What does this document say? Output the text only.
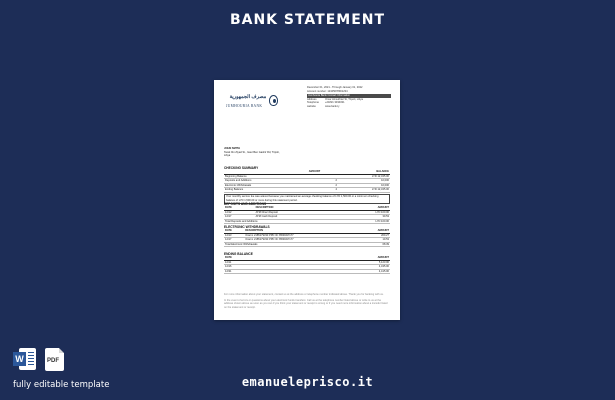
BANK STATEMENT
مصرف الجمهورية
JUMHOURIA BANK
December 01, 2021 - Through January 01, 2022
Account number: 12345678901234
Jumhouria Bank Contact Information
Address	Omar Almukhtar St, Tripoli, Libya
Telephone	+21821 3334031
website	www.bank.ly
JOHN SMITH
Tarek Ibn Ziyad St., Gasr Ben Gashir Rd, Tripoli,
Libya
CHECKING SUMMARY
	AMOUNT		BALANCE
Beginning Balance			LYD 12,345.00
Deposits and Additions		2	10,000
Electronic Withdrawals		2	10,000
Ending Balance		4	LYD 12,345.00
Your monthly service fee was waived because you maintained an average checking balance of LYD 1,500.00 or a minimum checking balance of LYD 1,500.00 or more during this statement period.
DEPOSITS AND ADDITIONS
DATE	DESCRIPTION	AMOUNT
12/12	ATM Direct Deposit	LYD 100.00
12/17	ATM Cash Deposit	39.53
Total Deposits and Additions		LYD 100.00
ELECTRONIC WITHDRAWALS
DATE	DESCRIPTION	AMOUNT
12/13	Orarnc 2185179333 PPD ID: 8596497177	209.27
12/17	Orarnc 2185179333 PPD ID: 8596497177	19.53
Total Electronic Withdrawals		68.39
ENDING BALANCE
DATE	AMOUNT
12/11	5,123.00
12/16	4,435.00
12/31	4,415.00
For more information about your statement, contact us at the address or telephone number indicated above. Thank you for banking with us.
In the event of errors or questions about your electronic funds transfers: Call us at the telephone number listed above or write to us at the address shown above as soon as you can if you think your statement or receipt is wrong or if you need more information about a transfer listed on the statement or receipt.
W	PDF
fully editable template	emanueleprisco.it
